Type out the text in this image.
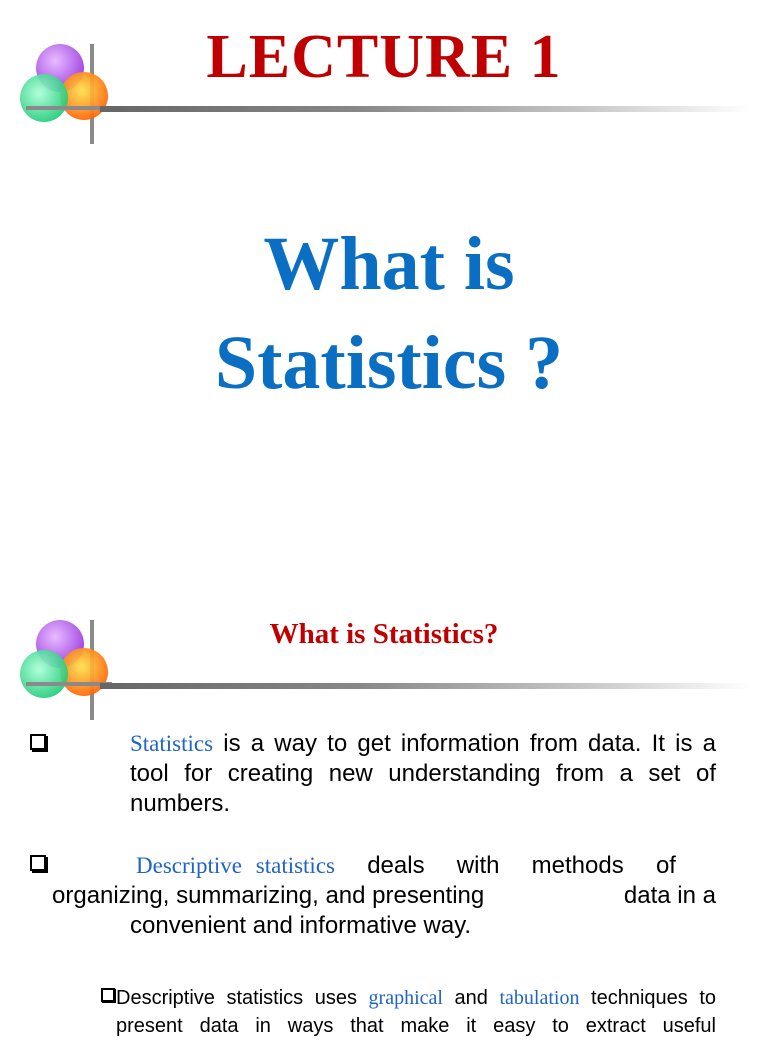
LECTURE 1
What is
Statistics ?
What is Statistics?

Statistics is a way to get information from data. It is a tool for creating new understanding from a set of numbers.

Descriptive statistics deals with methods of
organizing, summarizing, and presenting	data in a
convenient and informative way.

Descriptive statistics uses graphical and tabulation techniques to present data in ways that make it easy to extract useful
